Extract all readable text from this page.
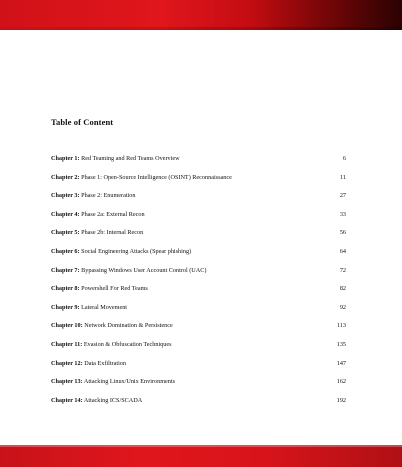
Table of Content
Chapter 1: Red Teaming and Red Teams Overview	6
Chapter 2: Phase 1: Open-Source Intelligence (OSINT) Reconnaissance	11
Chapter 3: Phase 2: Enumeration	27
Chapter 4: Phase 2a: External Recon	33
Chapter 5: Phase 2b: Internal Recon	56
Chapter 6: Social Engineering Attacks (Spear phishing)	64
Chapter 7: Bypassing Windows User Account Control (UAC)	72
Chapter 8: Powershell For Red Teams	82
Chapter 9: Lateral Movement	92
Chapter 10: Network Domination & Persistence	113
Chapter 11: Evasion & Obfuscation Techniques	135
Chapter 12: Data Exfiltration	147
Chapter 13: Attacking Linux/Unix Environments	162
Chapter 14: Attacking ICS/SCADA	192
